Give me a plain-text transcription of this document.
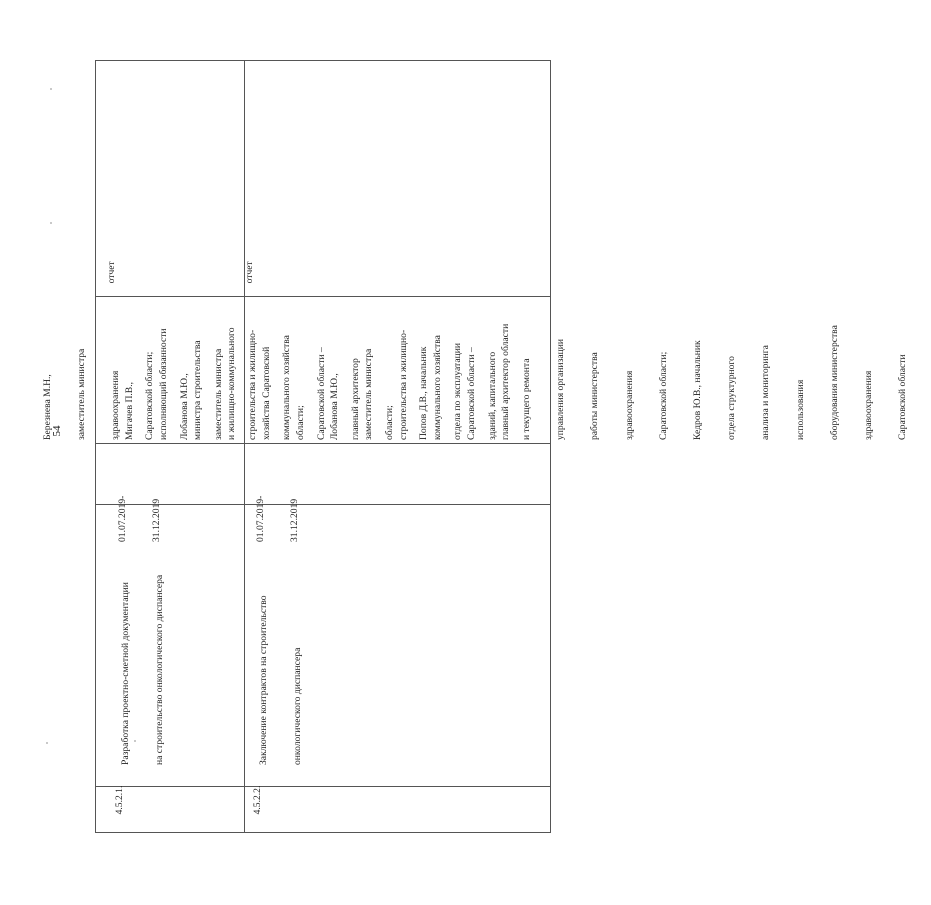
54

4.5.2.1.

Разработка проектно-сметной документации

на строительство онкологического диспансера

01.07.2019-

31.12.2019

Мигачев П.В.,

исполняющий обязанности

министра строительства

и жилищно-коммунального

хозяйства Саратовской

области;

Лобанова М.Ю.,

заместитель министра

строительства и жилищно-

коммунального хозяйства

Саратовской области –

главный архитектор области

отчет

4.5.2.2.

Заключение контрактов на строительство

онкологического диспансера

01.07.2019-

31.12.2019

Березнева М.Н.,

заместитель министра

здравоохранения

Саратовской области;

Лобанова М.Ю.,

заместитель министра

строительства и жилищно-

коммунального хозяйства

Саратовской области –

главный архитектор

области;

Попов Д.В., начальник

отдела по эксплуатации

зданий, капитального

и текущего ремонта

управления организации

работы министерства

здравоохранения

Саратовской области;

Кедров Ю.В., начальник

отдела структурного

анализа и мониторинга

использования

оборудования министерства

здравоохранения

Саратовской области

отчет
